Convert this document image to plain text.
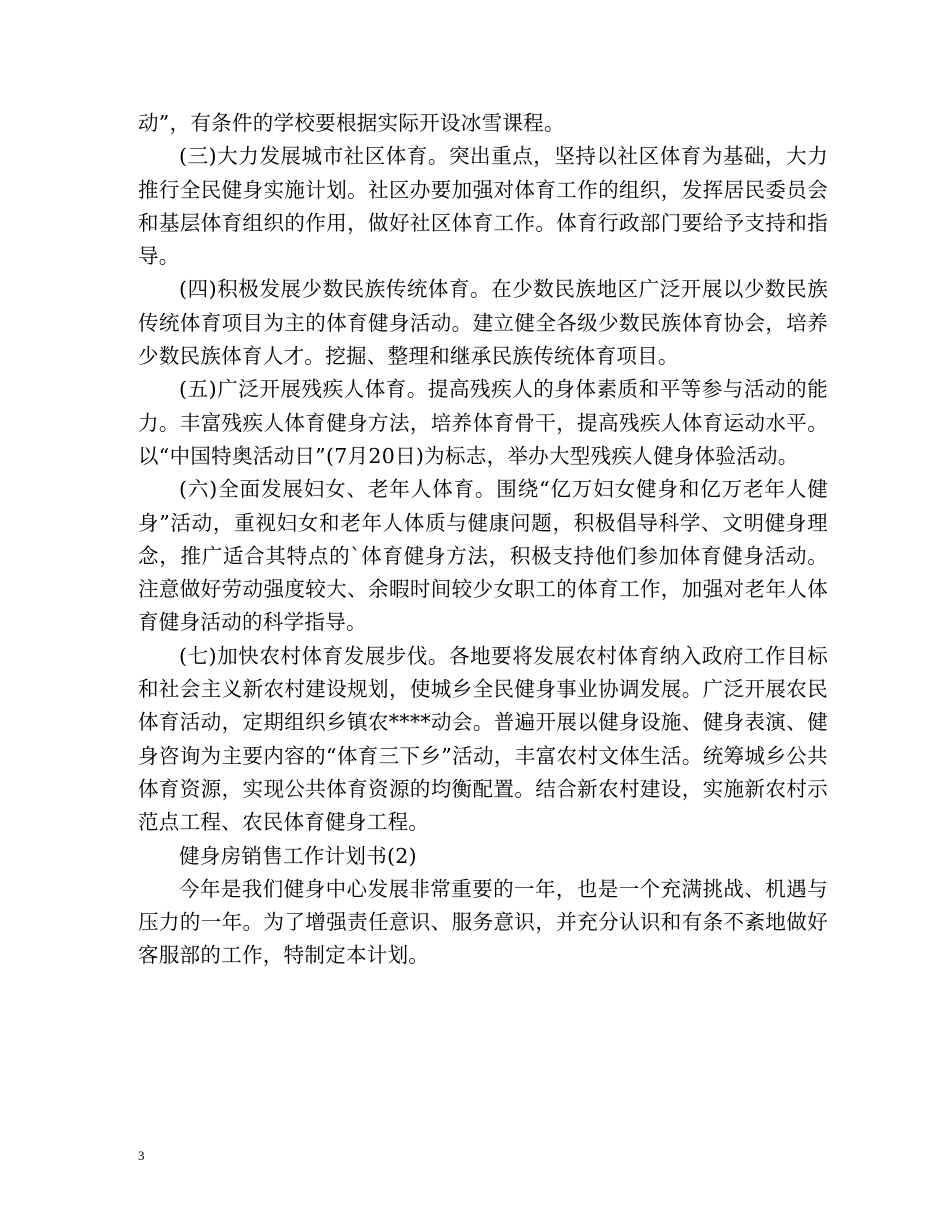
动”，有条件的学校要根据实际开设冰雪课程。

(三)大力发展城市社区体育。突出重点，坚持以社区体育为基础，大力推行全民健身实施计划。社区办要加强对体育工作的组织，发挥居民委员会和基层体育组织的作用，做好社区体育工作。体育行政部门要给予支持和指导。

(四)积极发展少数民族传统体育。在少数民族地区广泛开展以少数民族传统体育项目为主的体育健身活动。建立健全各级少数民族体育协会，培养少数民族体育人才。挖掘、整理和继承民族传统体育项目。

(五)广泛开展残疾人体育。提高残疾人的身体素质和平等参与活动的能力。丰富残疾人体育健身方法，培养体育骨干，提高残疾人体育运动水平。以“中国特奥活动日”(7月20日)为标志，举办大型残疾人健身体验活动。

(六)全面发展妇女、老年人体育。围绕“亿万妇女健身和亿万老年人健身”活动，重视妇女和老年人体质与健康问题，积极倡导科学、文明健身理念，推广适合其特点的`体育健身方法，积极支持他们参加体育健身活动。注意做好劳动强度较大、余暇时间较少女职工的体育工作，加强对老年人体育健身活动的科学指导。

(七)加快农村体育发展步伐。各地要将发展农村体育纳入政府工作目标和社会主义新农村建设规划，使城乡全民健身事业协调发展。广泛开展农民体育活动，定期组织乡镇农****动会。普遍开展以健身设施、健身表演、健身咨询为主要内容的“体育三下乡”活动，丰富农村文体生活。统筹城乡公共体育资源，实现公共体育资源的均衡配置。结合新农村建设，实施新农村示范点工程、农民体育健身工程。

健身房销售工作计划书(2)

今年是我们健身中心发展非常重要的一年，也是一个充满挑战、机遇与压力的一年。为了增强责任意识、服务意识，并充分认识和有条不紊地做好客服部的工作，特制定本计划。

3
